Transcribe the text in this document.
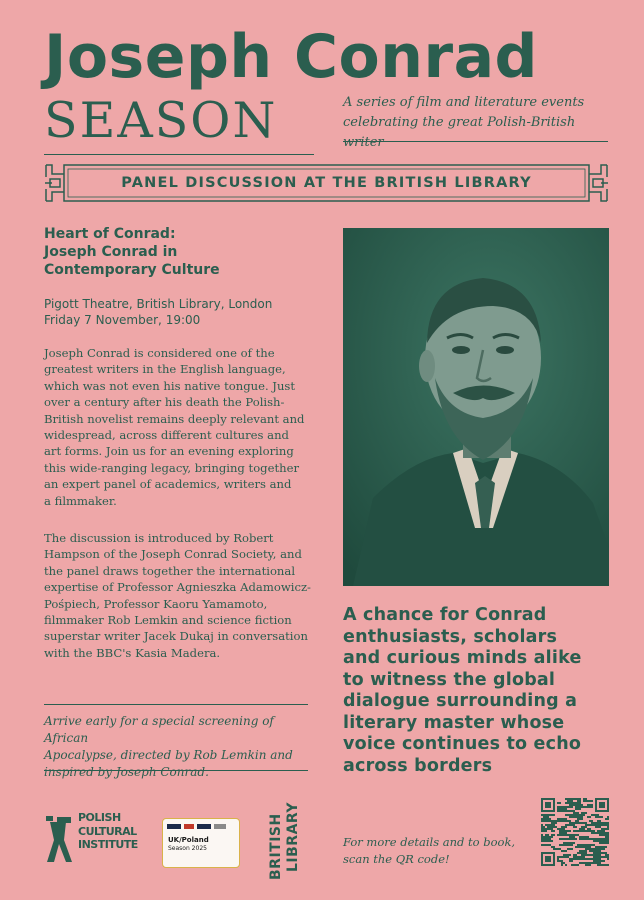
Joseph Conrad
SEASON	A series of film and literature events
celebrating the great Polish-British writer
PANEL DISCUSSION AT THE BRITISH LIBRARY
Heart of Conrad:
Joseph Conrad in
Contemporary Culture
Pigott Theatre, British Library, London
Friday 7 November, 19:00
Joseph Conrad is considered one of the
greatest writers in the English language,
which was not even his native tongue. Just
over a century after his death the Polish-
British novelist remains deeply relevant and
widespread, across different cultures and
art forms. Join us for an evening exploring
this wide-ranging legacy, bringing together
an expert panel of academics, writers and
a filmmaker.
The discussion is introduced by Robert
Hampson of the Joseph Conrad Society, and
the panel draws together the international
expertise of Professor Agnieszka Adamowicz-
Pośpiech, Professor Kaoru Yamamoto,
filmmaker Rob Lemkin and science fiction
superstar writer Jacek Dukaj in conversation
with the BBC's Kasia Madera.
Arrive early for a special screening of African
Apocalypse, directed by Rob Lemkin and
inspired by Joseph Conrad.
A chance for Conrad
enthusiasts, scholars
and curious minds alike
to witness the global
dialogue surrounding a
literary master whose
voice continues to echo
across borders
POLISH
CULTURAL
INSTITUTE	UK/Poland
Season 2025	BRITISH LIBRARY	For more details and to book,
scan the QR code!
